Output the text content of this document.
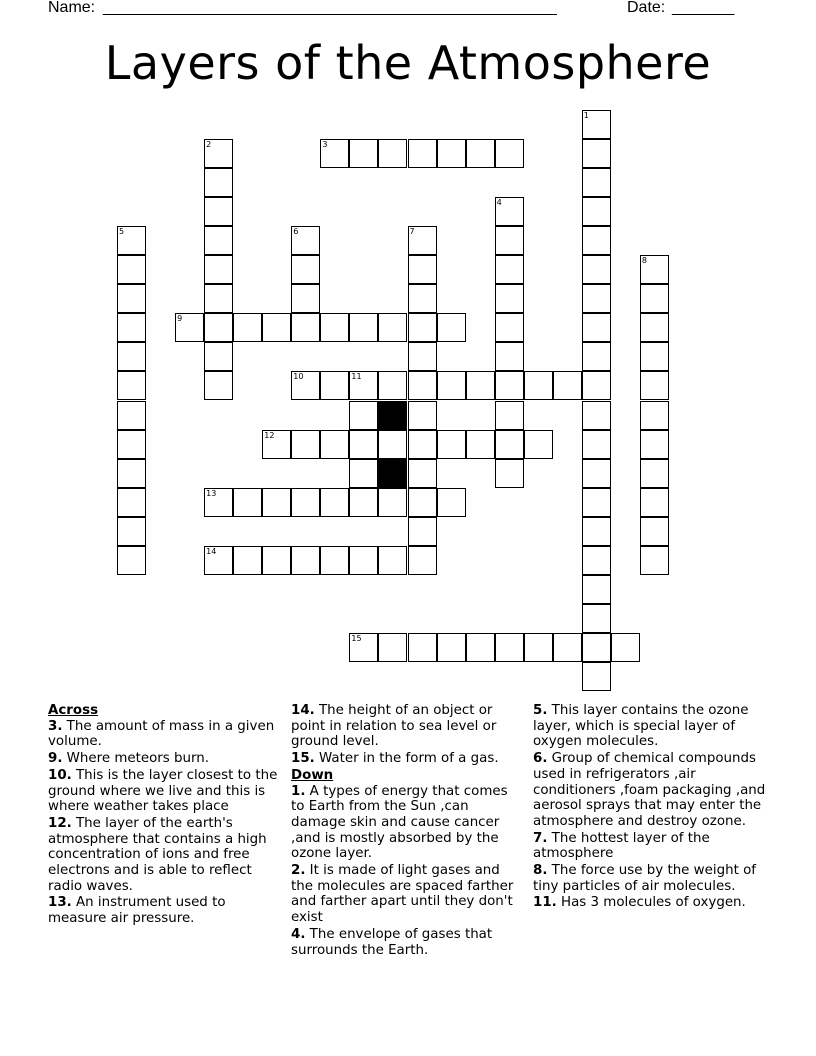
Name: ___________________________________________________	Date: _______
Layers of the Atmosphere
3
9
10	11
12
13
14
15
1
2
4
5	6	7
8
Across
3. The amount of mass in a given volume.
9. Where meteors burn.
10. This is the layer closest to the ground where we live and this is where weather takes place
12. The layer of the earth's atmosphere that contains a high concentration of ions and free electrons and is able to reflect radio waves.
13. An instrument used to measure air pressure.
14. The height of an object or point in relation to sea level or ground level.
15. Water in the form of a gas.
Down
1. A types of energy that comes to Earth from the Sun ,can damage skin and cause cancer ,and is mostly absorbed by the ozone layer.
2. It is made of light gases and the molecules are spaced farther and farther apart until they don't exist
4. The envelope of gases that surrounds the Earth.
5. This layer contains the ozone layer, which is special layer of oxygen molecules.
6. Group of chemical compounds used in refrigerators ,air conditioners ,foam packaging ,and aerosol sprays that may enter the atmosphere and destroy ozone.
7. The hottest layer of the atmosphere
8. The force use by the weight of tiny particles of air molecules.
11. Has 3 molecules of oxygen.
